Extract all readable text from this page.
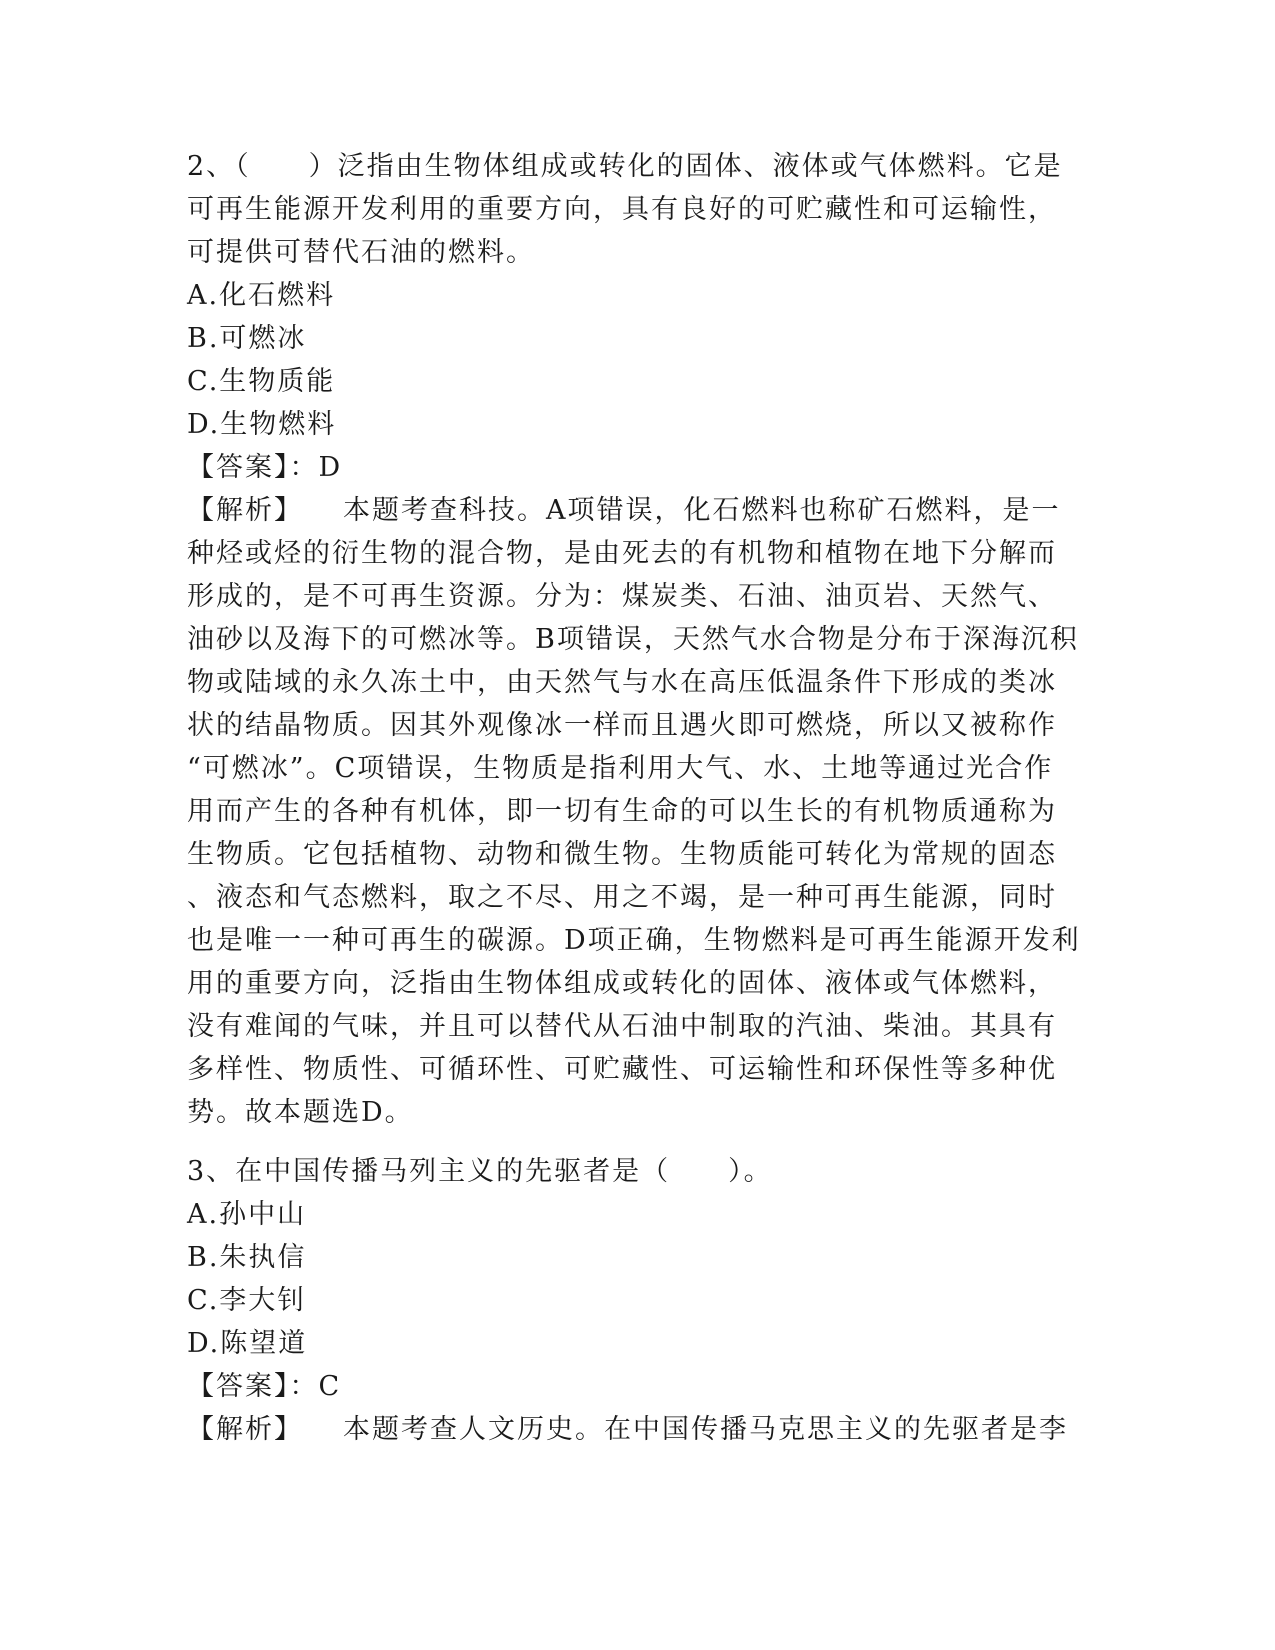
2、（　　）泛指由生物体组成或转化的固体、液体或气体燃料。它是
可再生能源开发利用的重要方向，具有良好的可贮藏性和可运输性，
可提供可替代石油的燃料。
A.化石燃料
B.可燃冰
C.生物质能
D.生物燃料
【答案】：D
【解析】 本题考查科技。A项错误，化石燃料也称矿石燃料，是一
种烃或烃的衍生物的混合物，是由死去的有机物和植物在地下分解而
形成的，是不可再生资源。分为：煤炭类、石油、油页岩、天然气、
油砂以及海下的可燃冰等。B项错误，天然气水合物是分布于深海沉积
物或陆域的永久冻土中，由天然气与水在高压低温条件下形成的类冰
状的结晶物质。因其外观像冰一样而且遇火即可燃烧，所以又被称作
“可燃冰”。C项错误，生物质是指利用大气、水、土地等通过光合作
用而产生的各种有机体，即一切有生命的可以生长的有机物质通称为
生物质。它包括植物、动物和微生物。生物质能可转化为常规的固态
、液态和气态燃料，取之不尽、用之不竭，是一种可再生能源，同时
也是唯一一种可再生的碳源。D项正确，生物燃料是可再生能源开发利
用的重要方向，泛指由生物体组成或转化的固体、液体或气体燃料，
没有难闻的气味，并且可以替代从石油中制取的汽油、柴油。其具有
多样性、物质性、可循环性、可贮藏性、可运输性和环保性等多种优
势。故本题选D。
3、在中国传播马列主义的先驱者是（　　）。
A.孙中山
B.朱执信
C.李大钊
D.陈望道
【答案】：C
【解析】 本题考查人文历史。在中国传播马克思主义的先驱者是李
